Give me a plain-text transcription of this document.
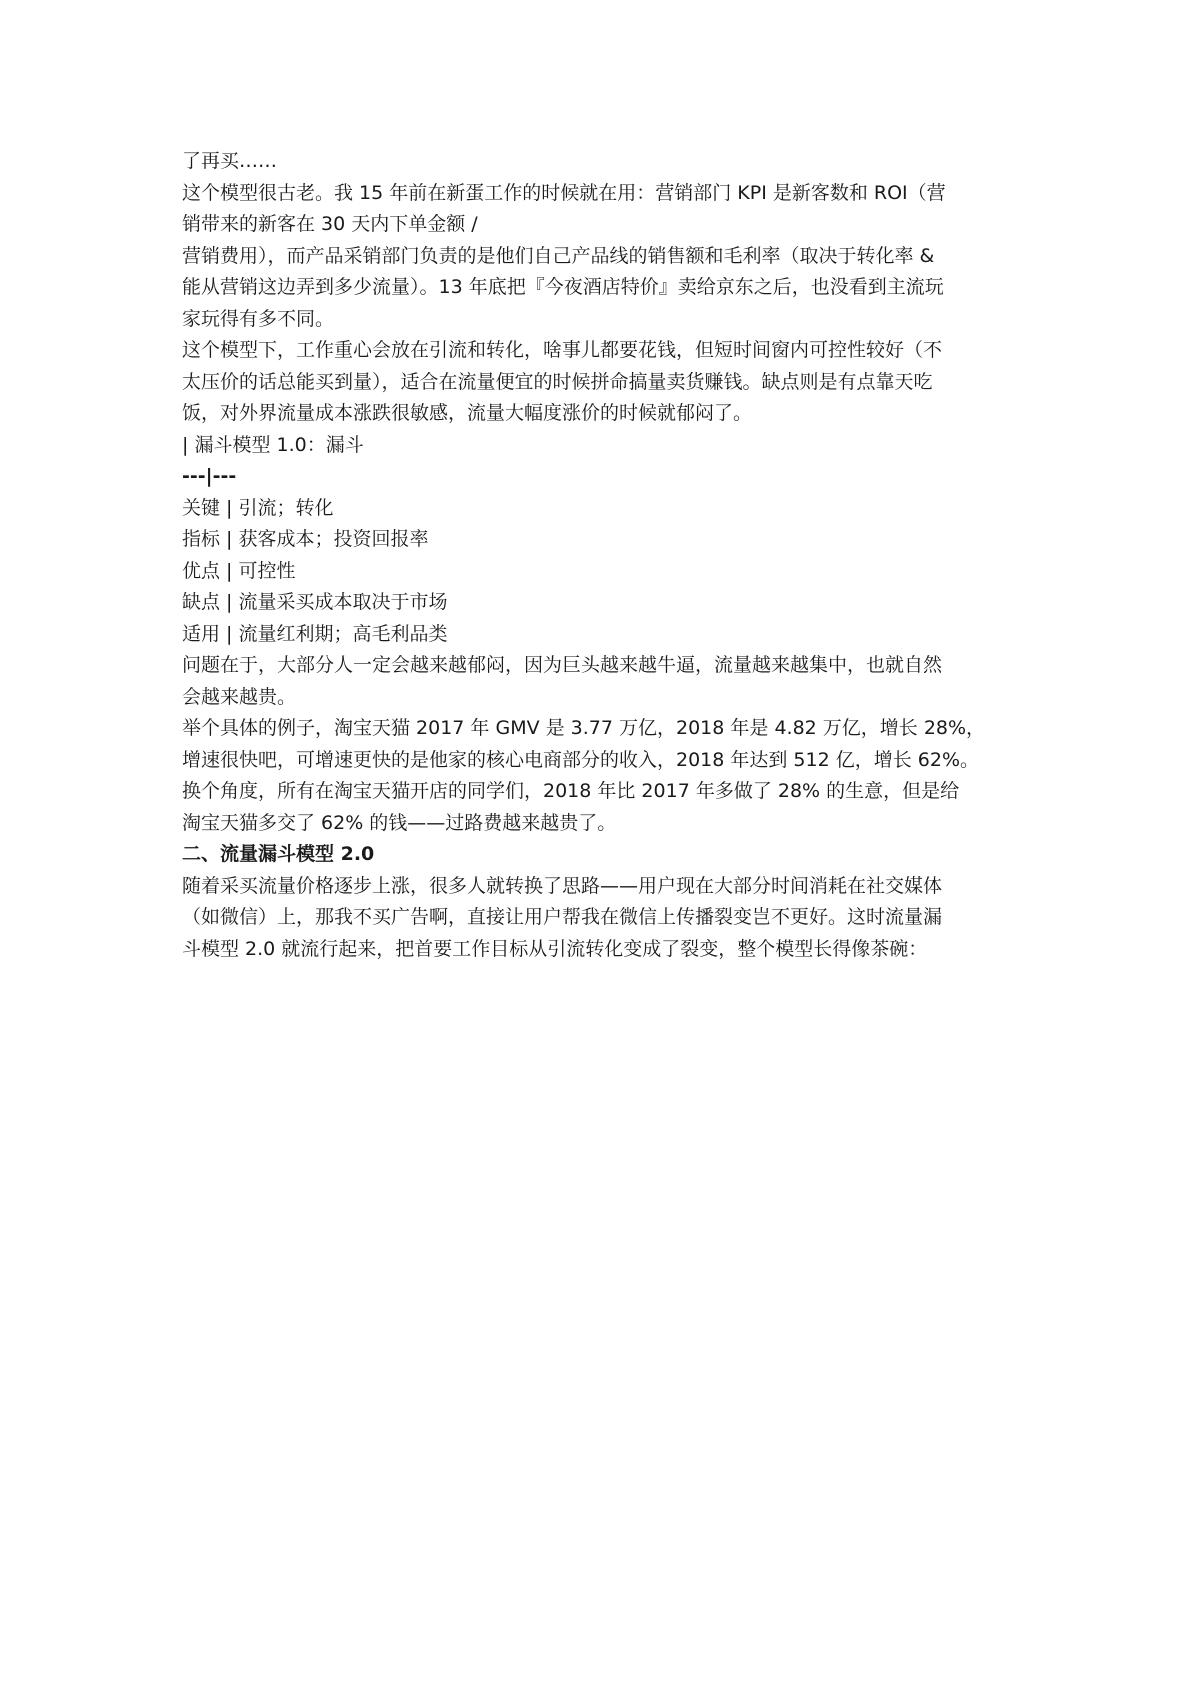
了再买……
这个模型很古老。我 15 年前在新蛋工作的时候就在用：营销部门 KPI 是新客数和 ROI（营
销带来的新客在 30 天内下单金额 /
营销费用），而产品采销部门负责的是他们自己产品线的销售额和毛利率（取决于转化率 &
能从营销这边弄到多少流量）。13 年底把『今夜酒店特价』卖给京东之后，也没看到主流玩
家玩得有多不同。
这个模型下，工作重心会放在引流和转化，啥事儿都要花钱，但短时间窗内可控性较好（不
太压价的话总能买到量），适合在流量便宜的时候拼命搞量卖货赚钱。缺点则是有点靠天吃
饭，对外界流量成本涨跌很敏感，流量大幅度涨价的时候就郁闷了。
| 漏斗模型 1.0：漏斗
---|---
关键 | 引流；转化
指标 | 获客成本；投资回报率
优点 | 可控性
缺点 | 流量采买成本取决于市场
适用 | 流量红利期；高毛利品类
问题在于，大部分人一定会越来越郁闷，因为巨头越来越牛逼，流量越来越集中，也就自然
会越来越贵。
举个具体的例子，淘宝天猫 2017 年 GMV 是 3.77 万亿，2018 年是 4.82 万亿，增长 28%，
增速很快吧，可增速更快的是他家的核心电商部分的收入，2018 年达到 512 亿，增长 62%。
换个角度，所有在淘宝天猫开店的同学们，2018 年比 2017 年多做了 28% 的生意，但是给
淘宝天猫多交了 62% 的钱——过路费越来越贵了。
二、流量漏斗模型 2.0
随着采买流量价格逐步上涨，很多人就转换了思路——用户现在大部分时间消耗在社交媒体
（如微信）上，那我不买广告啊，直接让用户帮我在微信上传播裂变岂不更好。这时流量漏
斗模型 2.0 就流行起来，把首要工作目标从引流转化变成了裂变，整个模型长得像茶碗：
